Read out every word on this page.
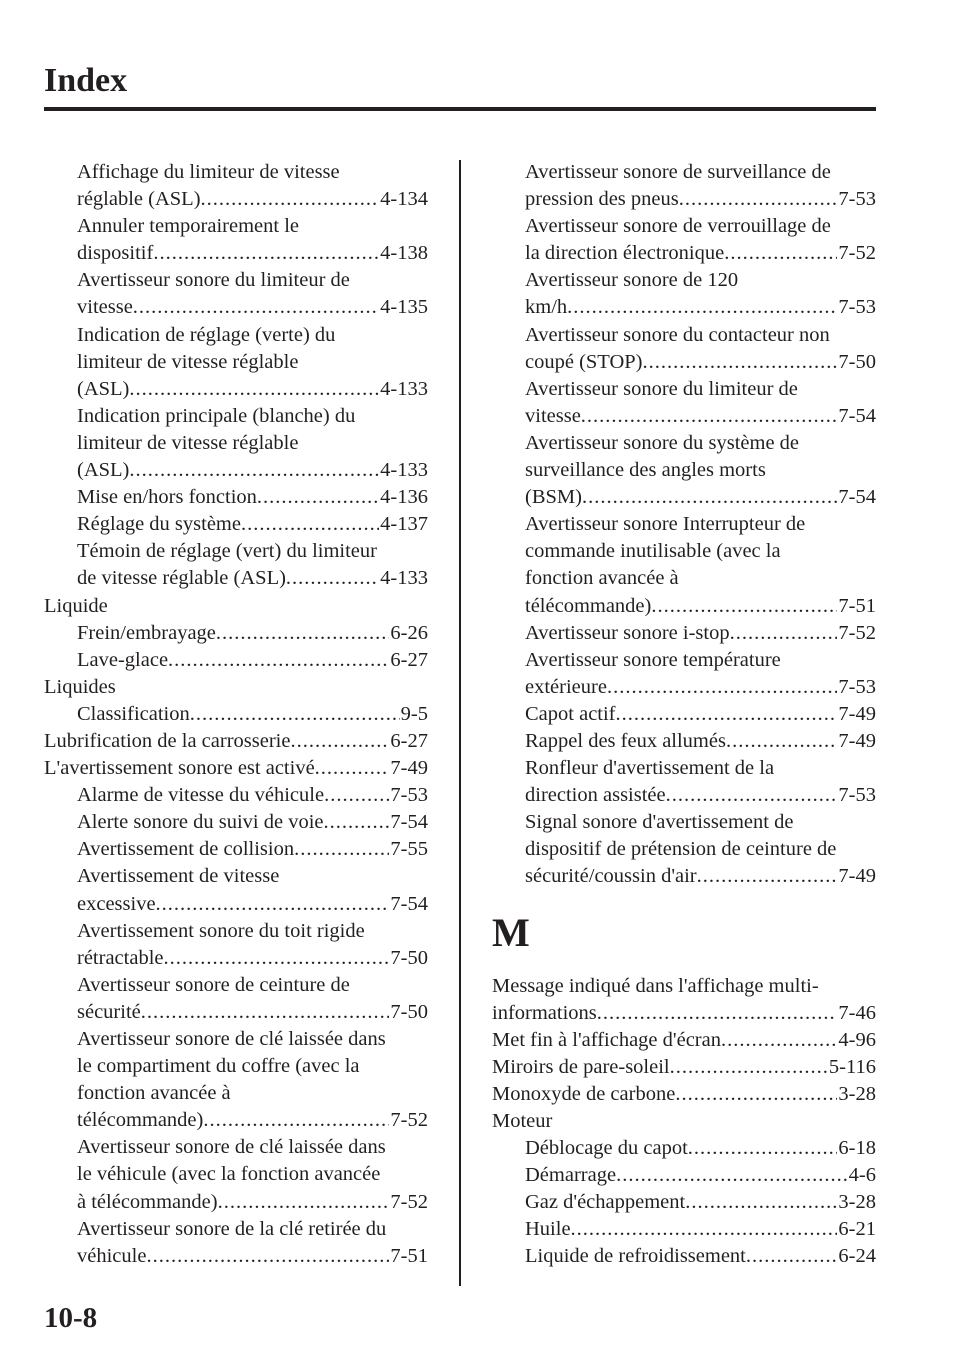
Index
Affichage du limiteur de vitesse
réglable (ASL) .....	4-134
Annuler temporairement le
dispositif .....	4-138
Avertisseur sonore du limiteur de
vitesse .....	4-135
Indication de réglage (verte) du
limiteur de vitesse réglable
(ASL) .....	4-133
Indication principale (blanche) du
limiteur de vitesse réglable
(ASL) .....	4-133
Mise en/hors fonction .....	4-136
Réglage du système .....	4-137
Témoin de réglage (vert) du limiteur
de vitesse réglable (ASL) .....	4-133
Liquide
Frein/embrayage .....	6-26
Lave-glace .....	6-27
Liquides
Classification .....	9-5
Lubrification de la carrosserie .....	6-27
L'avertissement sonore est activé .....	7-49
Alarme de vitesse du véhicule .....	7-53
Alerte sonore du suivi de voie .....	7-54
Avertissement de collision .....	7-55
Avertissement de vitesse
excessive .....	7-54
Avertissement sonore du toit rigide
rétractable .....	7-50
Avertisseur sonore de ceinture de
sécurité .....	7-50
Avertisseur sonore de clé laissée dans
le compartiment du coffre (avec la
fonction avancée à
télécommande) .....	7-52
Avertisseur sonore de clé laissée dans
le véhicule (avec la fonction avancée
à télécommande) .....	7-52
Avertisseur sonore de la clé retirée du
véhicule .....	7-51
Avertisseur sonore de surveillance de
pression des pneus .....	7-53
Avertisseur sonore de verrouillage de
la direction électronique .....	7-52
Avertisseur sonore de 120
km/h .....	7-53
Avertisseur sonore du contacteur non
coupé (STOP) .....	7-50
Avertisseur sonore du limiteur de
vitesse .....	7-54
Avertisseur sonore du système de
surveillance des angles morts
(BSM) .....	7-54
Avertisseur sonore Interrupteur de
commande inutilisable (avec la
fonction avancée à
télécommande) .....	7-51
Avertisseur sonore i-stop .....	7-52
Avertisseur sonore température
extérieure .....	7-53
Capot actif .....	7-49
Rappel des feux allumés .....	7-49
Ronfleur d'avertissement de la
direction assistée .....	7-53
Signal sonore d'avertissement de
dispositif de prétension de ceinture de
sécurité/coussin d'air .....	7-49
M
Message indiqué dans l'affichage multi-
informations .....	7-46
Met fin à l'affichage d'écran .....	4-96
Miroirs de pare-soleil .....	5-116
Monoxyde de carbone .....	3-28
Moteur
Déblocage du capot .....	6-18
Démarrage .....	4-6
Gaz d'échappement .....	3-28
Huile .....	6-21
Liquide de refroidissement .....	6-24

10-8
